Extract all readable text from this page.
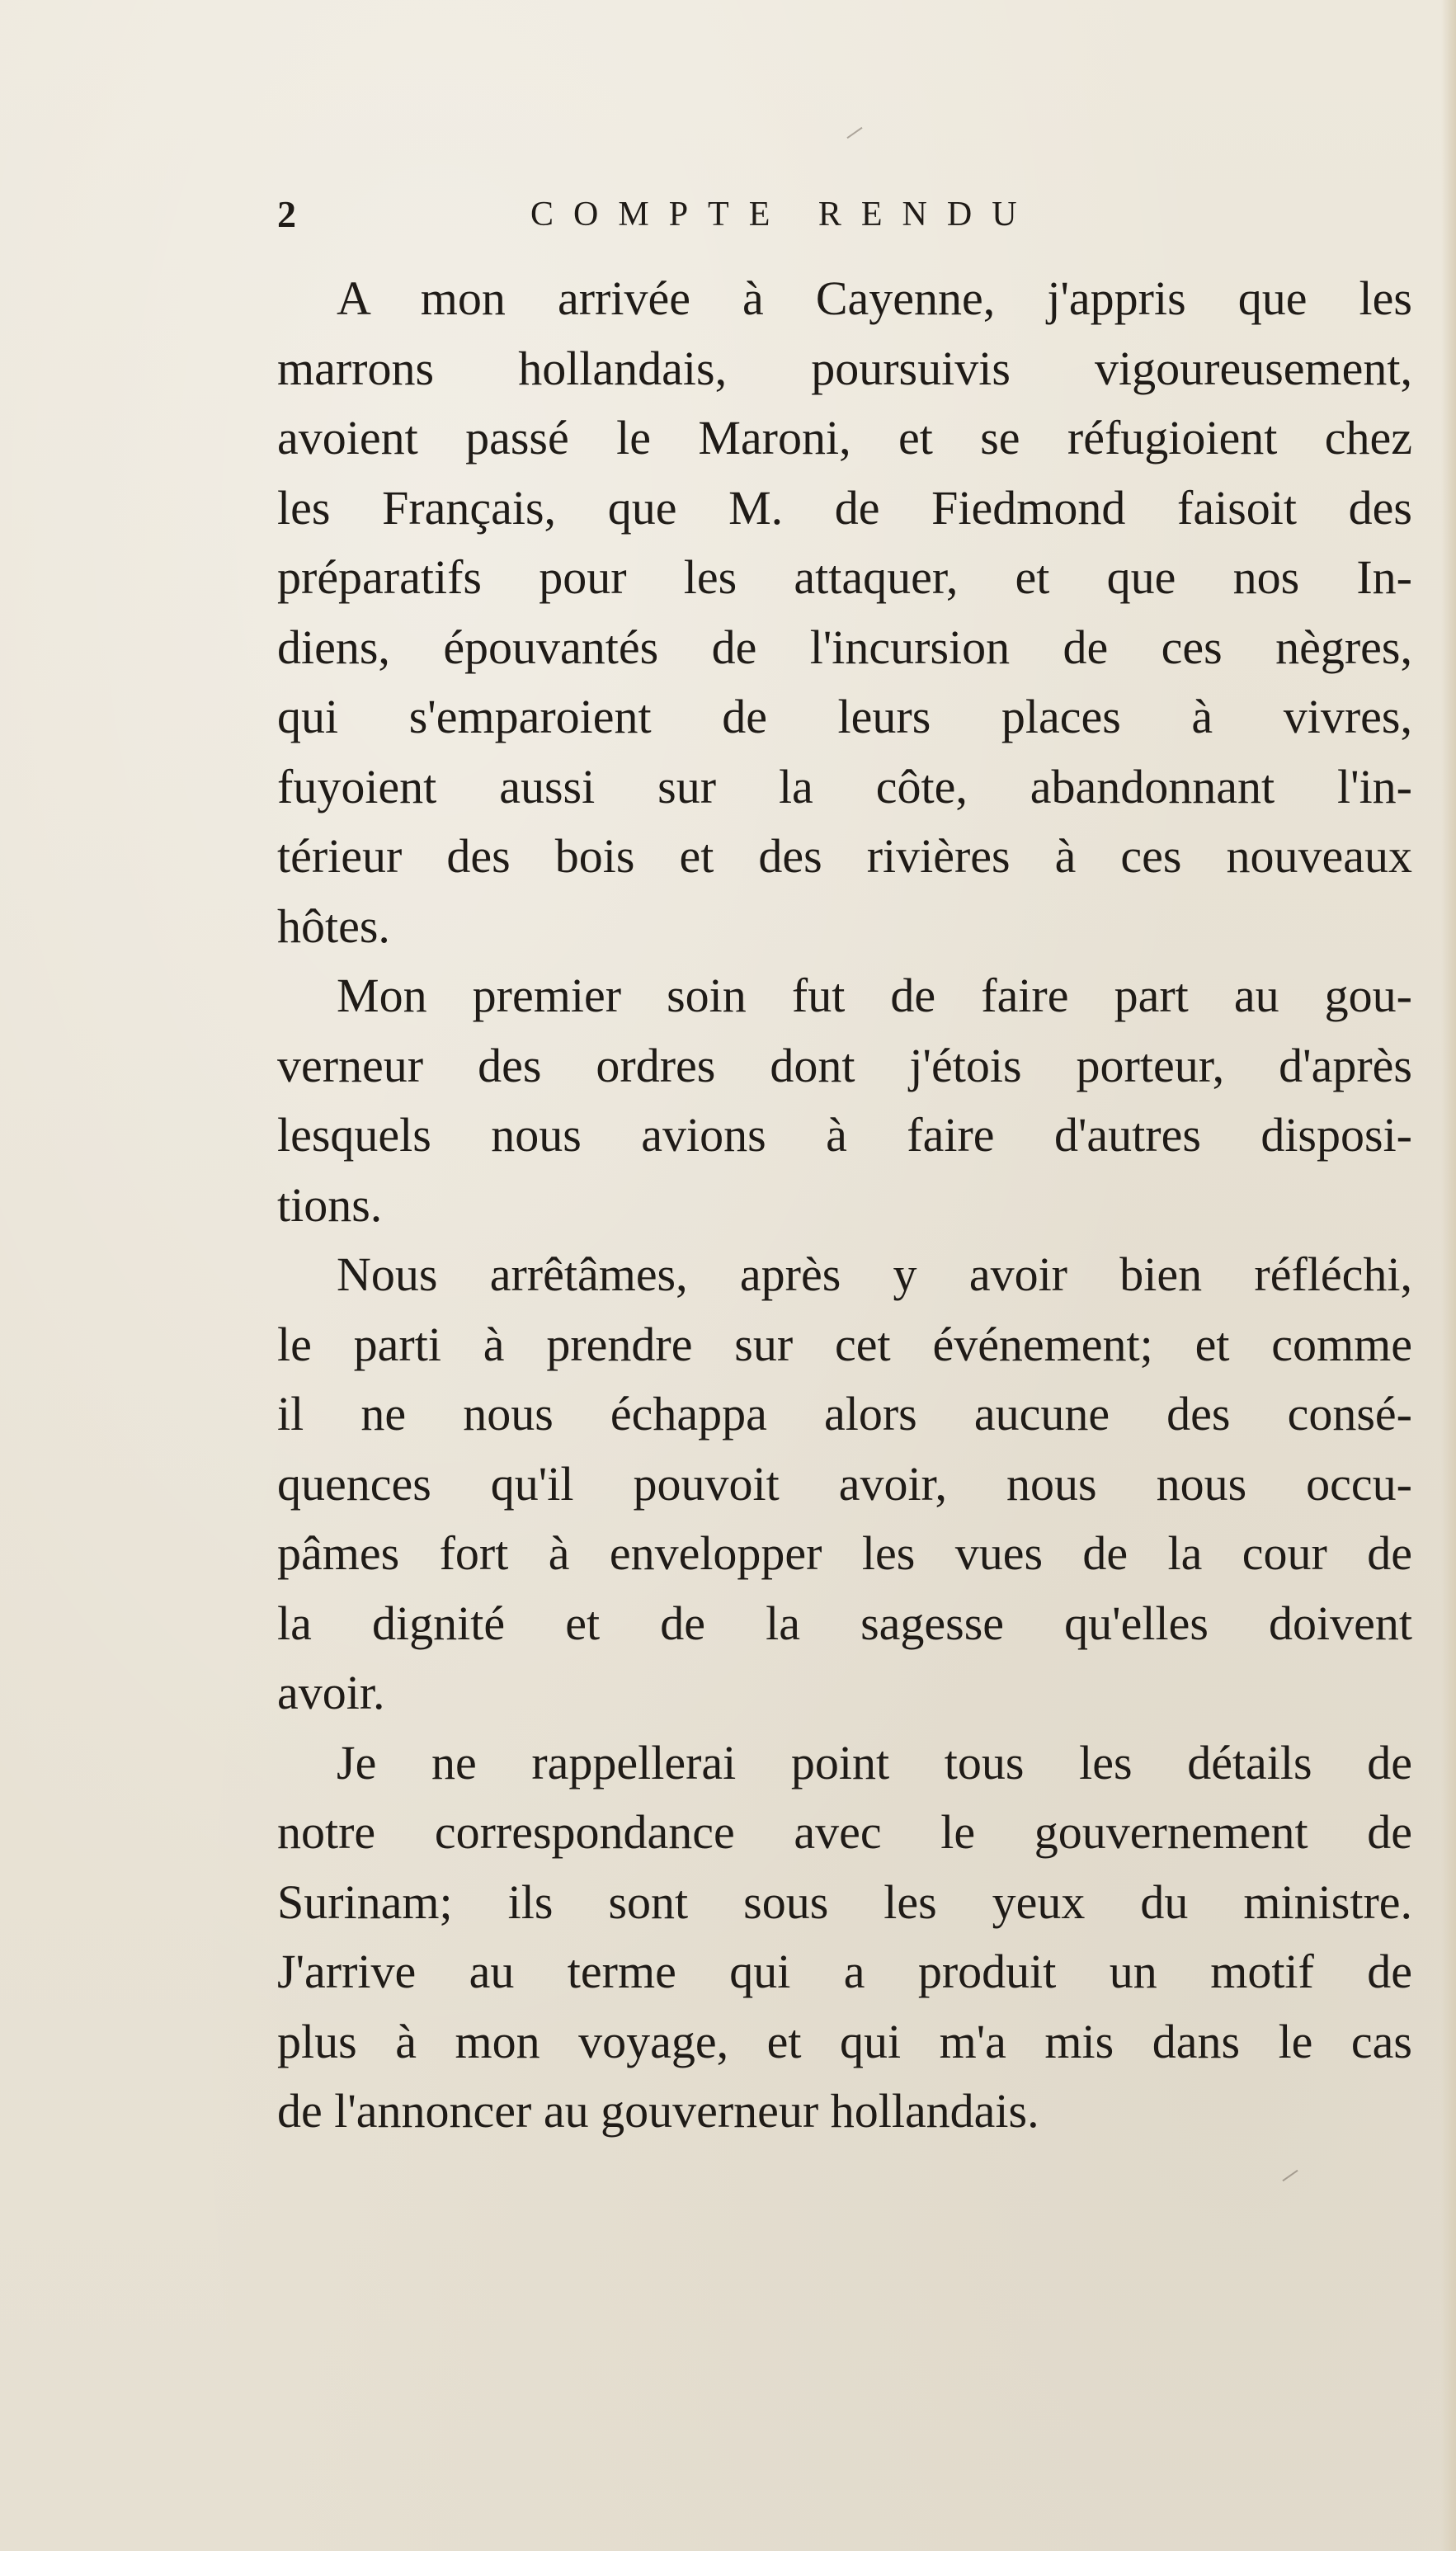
2	COMPTE RENDU
A mon arrivée à Cayenne, j'appris que les
marrons hollandais, poursuivis vigoureusement,
avoient passé le Maroni, et se réfugioient chez
les Français, que M. de Fiedmond faisoit des
préparatifs pour les attaquer, et que nos In-
diens, épouvantés de l'incursion de ces nègres,
qui s'emparoient de leurs places à vivres,
fuyoient aussi sur la côte, abandonnant l'in-
térieur des bois et des rivières à ces nouveaux
hôtes.
Mon premier soin fut de faire part au gou-
verneur des ordres dont j'étois porteur, d'après
lesquels nous avions à faire d'autres disposi-
tions.
Nous arrêtâmes, après y avoir bien réfléchi,
le parti à prendre sur cet événement; et comme
il ne nous échappa alors aucune des consé-
quences qu'il pouvoit avoir, nous nous occu-
pâmes fort à envelopper les vues de la cour de
la dignité et de la sagesse qu'elles doivent
avoir.
Je ne rappellerai point tous les détails de
notre correspondance avec le gouvernement de
Surinam; ils sont sous les yeux du ministre.
J'arrive au terme qui a produit un motif de
plus à mon voyage, et qui m'a mis dans le cas
de l'annoncer au gouverneur hollandais.
